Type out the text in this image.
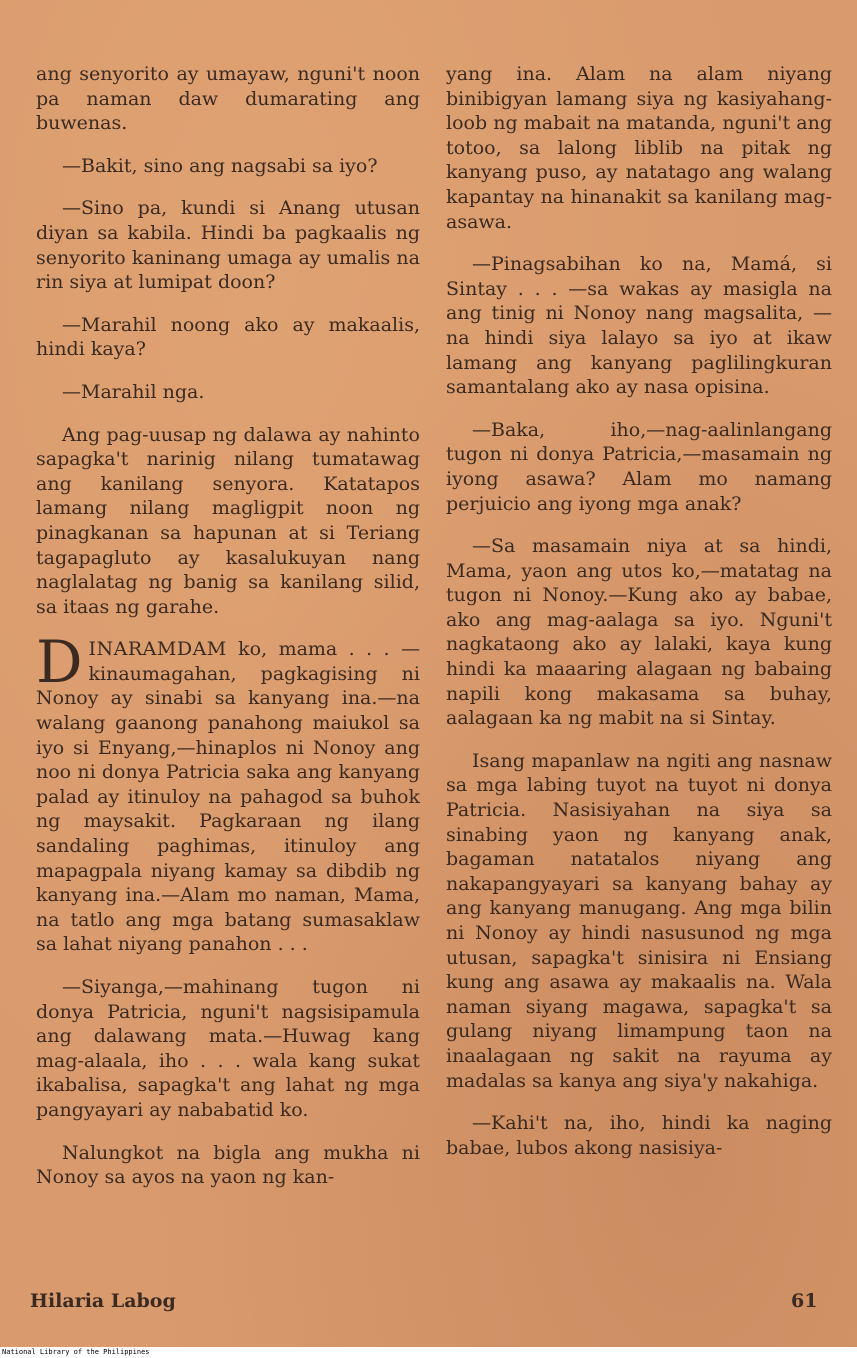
ang senyorito ay umayaw, nguni't noon pa naman daw dumarating ang buwenas.

—Bakit, sino ang nagsabi sa iyo?

—Sino pa, kundi si Anang utusan diyan sa kabila. Hindi ba pagkaalis ng senyorito kaninang umaga ay umalis na rin siya at lumipat doon?

—Marahil noong ako ay makaalis, hindi kaya?

—Marahil nga.

Ang pag-uusap ng dalawa ay nahinto sapagka't narinig nilang tumatawag ang kanilang senyora. Katatapos lamang nilang magligpit noon ng pinagkanan sa hapunan at si Teriang tagapagluto ay kasalukuyan nang naglalatag ng banig sa kanilang silid, sa itaas ng garahe.

DINARAMDAM ko, mama . . . —kinaumagahan, pagkagising ni Nonoy ay sinabi sa kanyang ina.—na walang gaanong panahong maiukol sa iyo si Enyang,—hinaplos ni Nonoy ang noo ni donya Patricia saka ang kanyang palad ay itinuloy na pahagod sa buhok ng maysakit. Pagkaraan ng ilang sandaling paghimas, itinuloy ang mapagpala niyang kamay sa dibdib ng kanyang ina.—Alam mo naman, Mama, na tatlo ang mga batang sumasaklaw sa lahat niyang panahon . . .

—Siyanga,—mahinang tugon ni donya Patricia, nguni't nagsisipamula ang dalawang mata.—Huwag kang mag-alaala, iho . . . wala kang sukat ikabalisa, sapagka't ang lahat ng mga pangyayari ay nababatid ko.

Nalungkot na bigla ang mukha ni Nonoy sa ayos na yaon ng kan-

yang ina. Alam na alam niyang binibigyan lamang siya ng kasiyahang-loob ng mabait na matanda, nguni't ang totoo, sa lalong liblib na pitak ng kanyang puso, ay natatago ang walang kapantay na hinanakit sa kanilang mag-asawa.

—Pinagsabihan ko na, Mamá, si Sintay . . . —sa wakas ay masigla na ang tinig ni Nonoy nang magsalita, —na hindi siya lalayo sa iyo at ikaw lamang ang kanyang paglilingkuran samantalang ako ay nasa opisina.

—Baka, iho,—nag-aalinlangang tugon ni donya Patricia,—masamain ng iyong asawa? Alam mo namang perjuicio ang iyong mga anak?

—Sa masamain niya at sa hindi, Mama, yaon ang utos ko,—matatag na tugon ni Nonoy.—Kung ako ay babae, ako ang mag-aalaga sa iyo. Nguni't nagkataong ako ay lalaki, kaya kung hindi ka maaaring alagaan ng babaing napili kong makasama sa buhay, aalagaan ka ng mabit na si Sintay.

Isang mapanlaw na ngiti ang nasnaw sa mga labing tuyot na tuyot ni donya Patricia. Nasisiyahan na siya sa sinabing yaon ng kanyang anak, bagaman natatalos niyang ang nakapangyayari sa kanyang bahay ay ang kanyang manugang. Ang mga bilin ni Nonoy ay hindi nasusunod ng mga utusan, sapagka't sinisira ni Ensiang kung ang asawa ay makaalis na. Wala naman siyang magawa, sapagka't sa gulang niyang limampung taon na inaalagaan ng sakit na rayuma ay madalas sa kanya ang siya'y nakahiga.

—Kahi't na, iho, hindi ka naging babae, lubos akong nasisiya-

Hilaria Labog	61
National Library of the Philippines
